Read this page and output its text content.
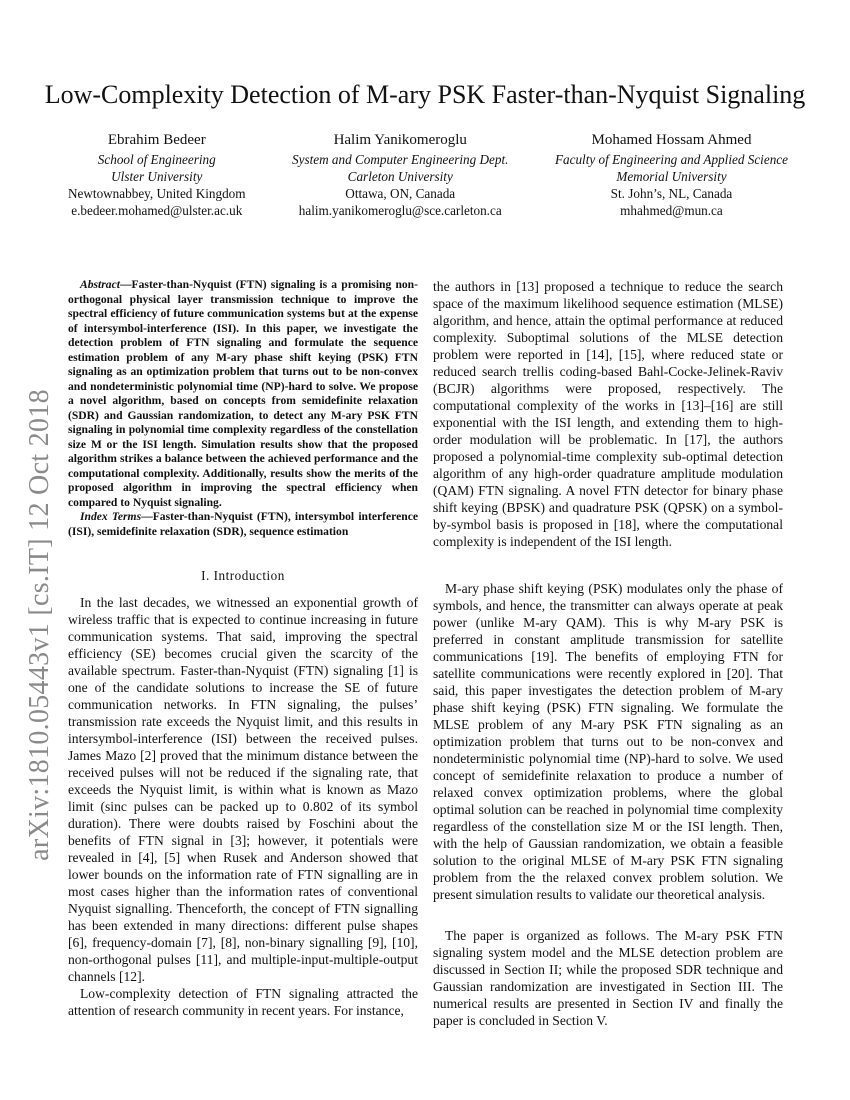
arXiv:1810.05443v1 [cs.IT] 12 Oct 2018
Low-Complexity Detection of M-ary PSK Faster-than-Nyquist Signaling
Ebrahim Bedeer
School of Engineering
Ulster University
Newtownabbey, United Kingdom
e.bedeer.mohamed@ulster.ac.uk
Halim Yanikomeroglu
System and Computer Engineering Dept.
Carleton University
Ottawa, ON, Canada
halim.yanikomeroglu@sce.carleton.ca
Mohamed Hossam Ahmed
Faculty of Engineering and Applied Science
Memorial University
St. John’s, NL, Canada
mhahmed@mun.ca

Abstract—Faster-than-Nyquist (FTN) signaling is a promising non-orthogonal physical layer transmission technique to improve the spectral efficiency of future communication systems but at the expense of intersymbol-interference (ISI). In this paper, we investigate the detection problem of FTN signaling and formulate the sequence estimation problem of any M-ary phase shift keying (PSK) FTN signaling as an optimization problem that turns out to be non-convex and nondeterministic polynomial time (NP)-hard to solve. We propose a novel algorithm, based on concepts from semidefinite relaxation (SDR) and Gaussian randomization, to detect any M-ary PSK FTN signaling in polynomial time complexity regardless of the constellation size M or the ISI length. Simulation results show that the proposed algorithm strikes a balance between the achieved performance and the computational complexity. Additionally, results show the merits of the proposed algorithm in improving the spectral efficiency when compared to Nyquist signaling.

Index Terms—Faster-than-Nyquist (FTN), intersymbol interference (ISI), semidefinite relaxation (SDR), sequence estimation

I. Introduction

In the last decades, we witnessed an exponential growth of wireless traffic that is expected to continue increasing in future communication systems. That said, improving the spectral efficiency (SE) becomes crucial given the scarcity of the available spectrum. Faster-than-Nyquist (FTN) signaling [1] is one of the candidate solutions to increase the SE of future communication networks. In FTN signaling, the pulses’ transmission rate exceeds the Nyquist limit, and this results in intersymbol-interference (ISI) between the received pulses. James Mazo [2] proved that the minimum distance between the received pulses will not be reduced if the signaling rate, that exceeds the Nyquist limit, is within what is known as Mazo limit (sinc pulses can be packed up to 0.802 of its symbol duration). There were doubts raised by Foschini about the benefits of FTN signal in [3]; however, it potentials were revealed in [4], [5] when Rusek and Anderson showed that lower bounds on the information rate of FTN signalling are in most cases higher than the information rates of conventional Nyquist signalling. Thenceforth, the concept of FTN signalling has been extended in many directions: different pulse shapes [6], frequency-domain [7], [8], non-binary signalling [9], [10], non-orthogonal pulses [11], and multiple-input-multiple-output channels [12].

Low-complexity detection of FTN signaling attracted the attention of research community in recent years. For instance,

the authors in [13] proposed a technique to reduce the search space of the maximum likelihood sequence estimation (MLSE) algorithm, and hence, attain the optimal performance at reduced complexity. Suboptimal solutions of the MLSE detection problem were reported in [14], [15], where reduced state or reduced search trellis coding-based Bahl-Cocke-Jelinek-Raviv (BCJR) algorithms were proposed, respectively. The computational complexity of the works in [13]–[16] are still exponential with the ISI length, and extending them to high-order modulation will be problematic. In [17], the authors proposed a polynomial-time complexity sub-optimal detection algorithm of any high-order quadrature amplitude modulation (QAM) FTN signaling. A novel FTN detector for binary phase shift keying (BPSK) and quadrature PSK (QPSK) on a symbol-by-symbol basis is proposed in [18], where the computational complexity is independent of the ISI length.

M-ary phase shift keying (PSK) modulates only the phase of symbols, and hence, the transmitter can always operate at peak power (unlike M-ary QAM). This is why M-ary PSK is preferred in constant amplitude transmission for satellite communications [19]. The benefits of employing FTN for satellite communications were recently explored in [20]. That said, this paper investigates the detection problem of M-ary phase shift keying (PSK) FTN signaling. We formulate the MLSE problem of any M-ary PSK FTN signaling as an optimization problem that turns out to be non-convex and nondeterministic polynomial time (NP)-hard to solve. We used concept of semidefinite relaxation to produce a number of relaxed convex optimization problems, where the global optimal solution can be reached in polynomial time complexity regardless of the constellation size M or the ISI length. Then, with the help of Gaussian randomization, we obtain a feasible solution to the original MLSE of M-ary PSK FTN signaling problem from the the relaxed convex problem solution. We present simulation results to validate our theoretical analysis.

The paper is organized as follows. The M-ary PSK FTN signaling system model and the MLSE detection problem are discussed in Section II; while the proposed SDR technique and Gaussian randomization are investigated in Section III. The numerical results are presented in Section IV and finally the paper is concluded in Section V.
